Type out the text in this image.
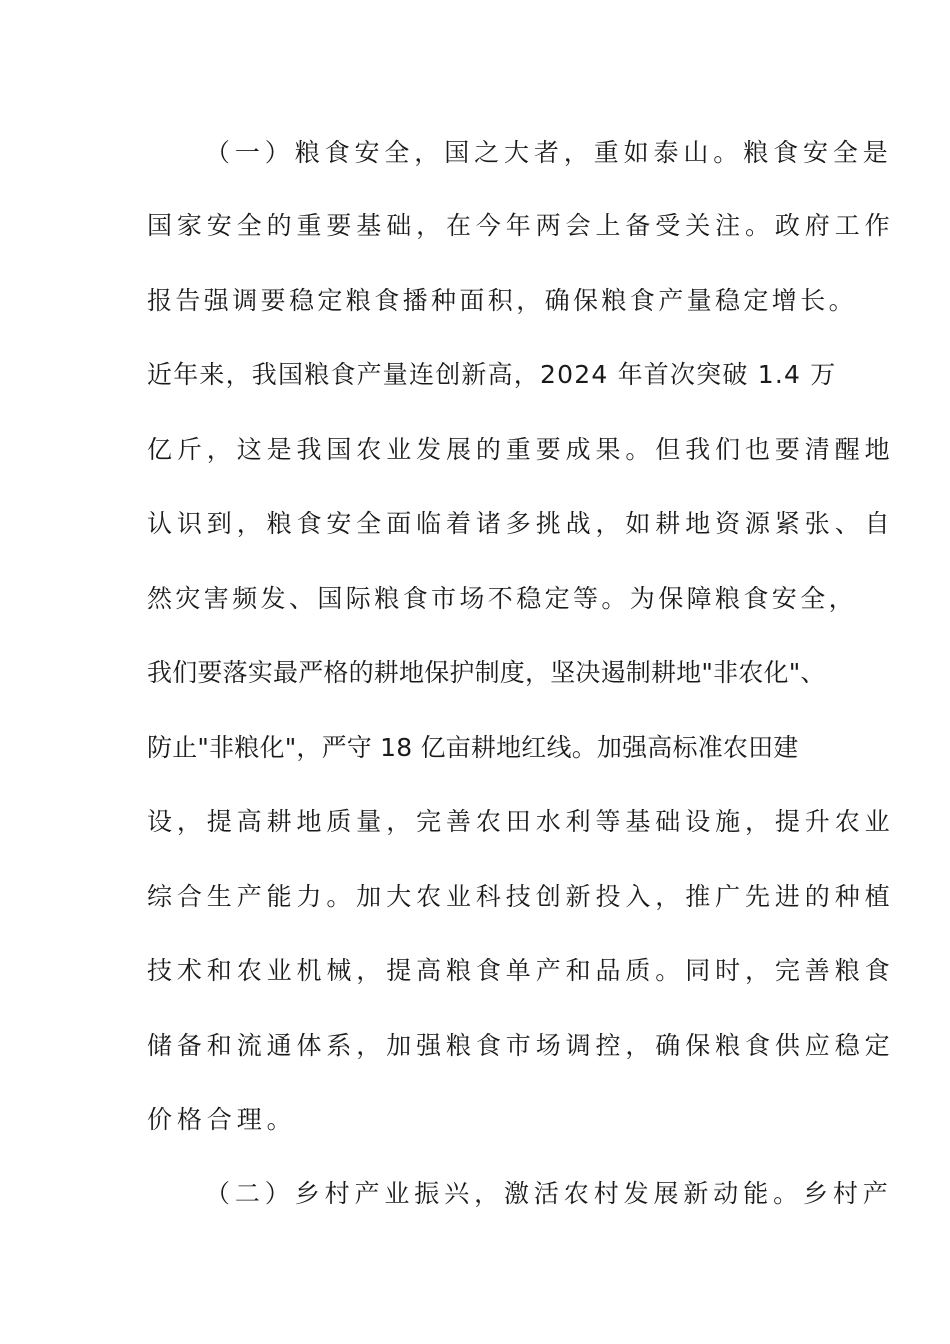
（一）粮食安全，国之大者，重如泰山。粮食安全是
国家安全的重要基础，在今年两会上备受关注。政府工作
报告强调要稳定粮食播种面积，确保粮食产量稳定增长。
近年来，我国粮食产量连创新高，2024 年首次突破 1.4 万
亿斤，这是我国农业发展的重要成果。但我们也要清醒地
认识到，粮食安全面临着诸多挑战，如耕地资源紧张、自
然灾害频发、国际粮食市场不稳定等。为保障粮食安全，
我们要落实最严格的耕地保护制度，坚决遏制耕地"非农化"、
防止"非粮化"，严守 18 亿亩耕地红线。加强高标准农田建
设，提高耕地质量，完善农田水利等基础设施，提升农业
综合生产能力。加大农业科技创新投入，推广先进的种植
技术和农业机械，提高粮食单产和品质。同时，完善粮食
储备和流通体系，加强粮食市场调控，确保粮食供应稳定
价格合理。
（二）乡村产业振兴，激活农村发展新动能。乡村产
